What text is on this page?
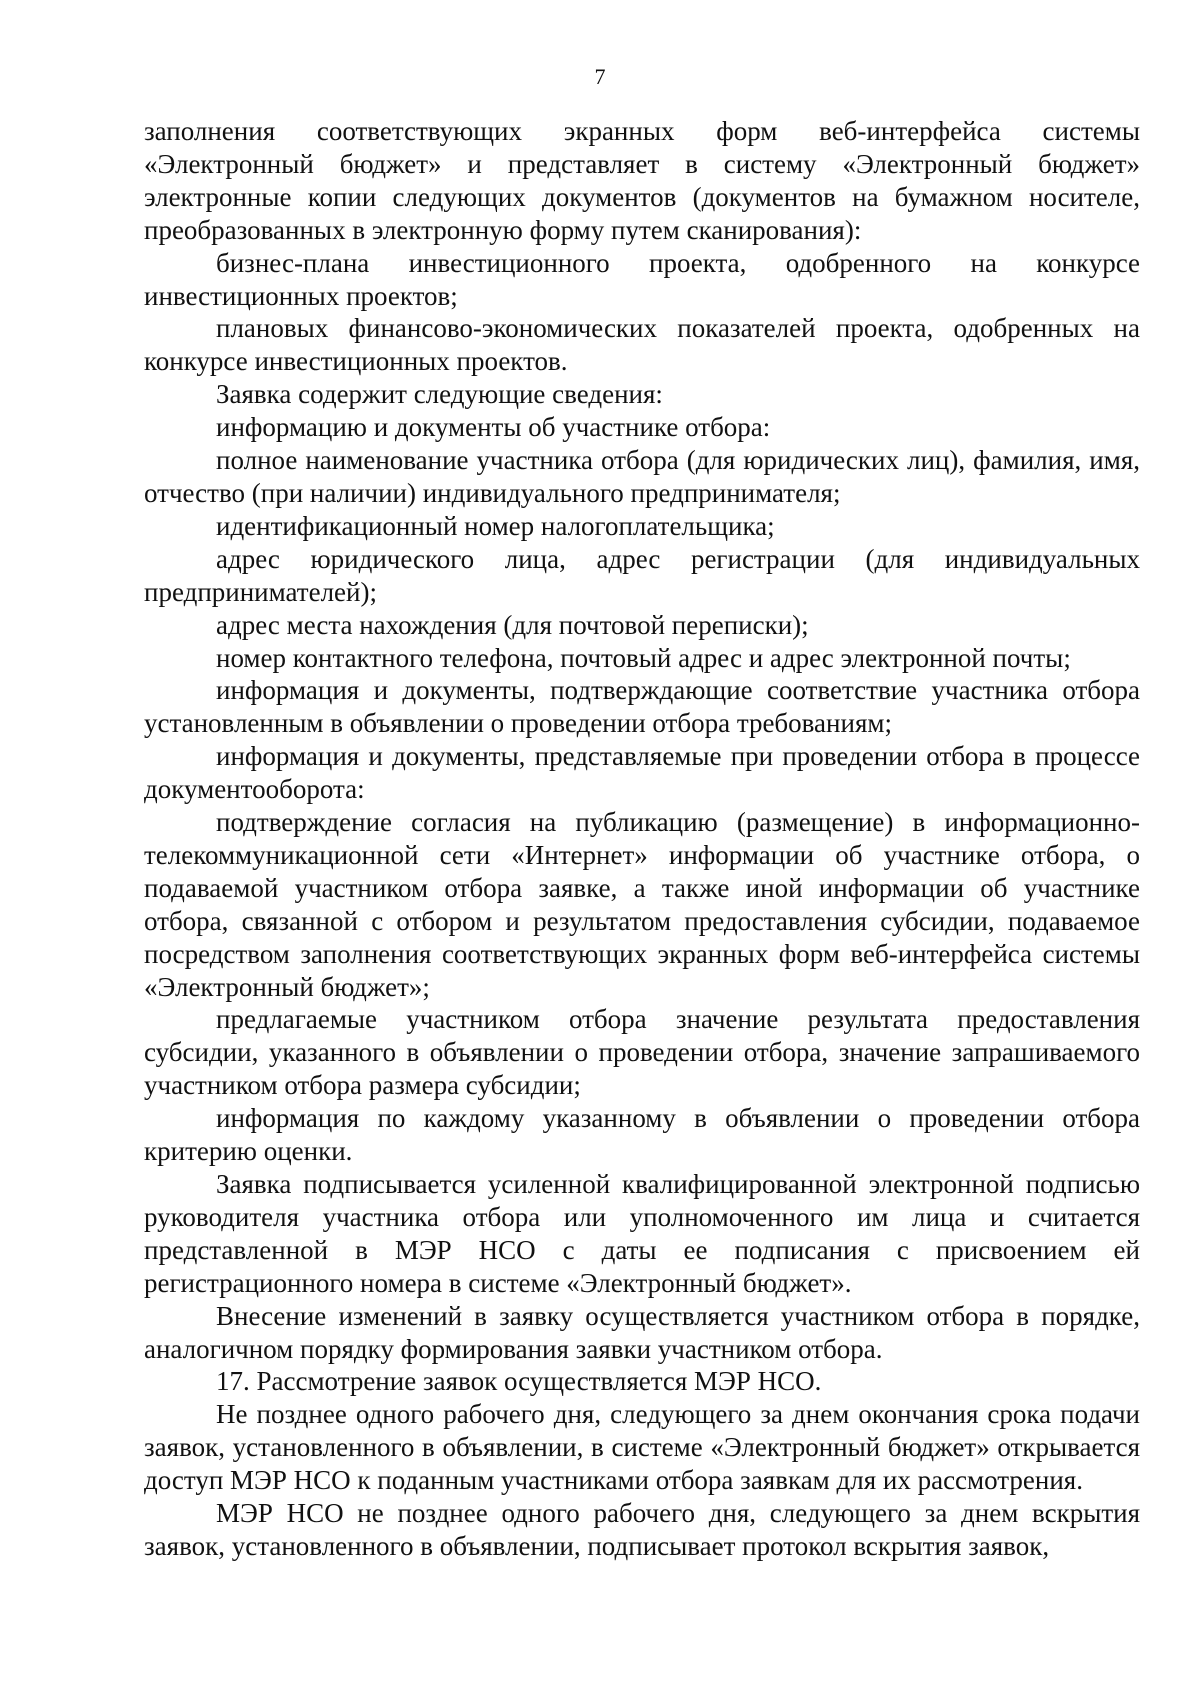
7

заполнения соответствующих экранных форм веб-интерфейса системы «Электронный бюджет» и представляет в систему «Электронный бюджет» электронные копии следующих документов (документов на бумажном носителе, преобразованных в электронную форму путем сканирования):

бизнес-плана инвестиционного проекта, одобренного на конкурсе инвестиционных проектов;

плановых финансово-экономических показателей проекта, одобренных на конкурсе инвестиционных проектов.

Заявка содержит следующие сведения:

информацию и документы об участнике отбора:

полное наименование участника отбора (для юридических лиц), фамилия, имя, отчество (при наличии) индивидуального предпринимателя;

идентификационный номер налогоплательщика;

адрес юридического лица, адрес регистрации (для индивидуальных предпринимателей);

адрес места нахождения (для почтовой переписки);

номер контактного телефона, почтовый адрес и адрес электронной почты;

информация и документы, подтверждающие соответствие участника отбора установленным в объявлении о проведении отбора требованиям;

информация и документы, представляемые при проведении отбора в процессе документооборота:

подтверждение согласия на публикацию (размещение) в информационно-телекоммуникационной сети «Интернет» информации об участнике отбора, о подаваемой участником отбора заявке, а также иной информации об участнике отбора, связанной с отбором и результатом предоставления субсидии, подаваемое посредством заполнения соответствующих экранных форм веб-интерфейса системы «Электронный бюджет»;

предлагаемые участником отбора значение результата предоставления субсидии, указанного в объявлении о проведении отбора, значение запрашиваемого участником отбора размера субсидии;

информация по каждому указанному в объявлении о проведении отбора критерию оценки.

Заявка подписывается усиленной квалифицированной электронной подписью руководителя участника отбора или уполномоченного им лица и считается представленной в МЭР НСО с даты ее подписания с присвоением ей регистрационного номера в системе «Электронный бюджет».

Внесение изменений в заявку осуществляется участником отбора в порядке, аналогичном порядку формирования заявки участником отбора.

17. Рассмотрение заявок осуществляется МЭР НСО.

Не позднее одного рабочего дня, следующего за днем окончания срока подачи заявок, установленного в объявлении, в системе «Электронный бюджет» открывается доступ МЭР НСО к поданным участниками отбора заявкам для их рассмотрения.

МЭР НСО не позднее одного рабочего дня, следующего за днем вскрытия заявок, установленного в объявлении, подписывает протокол вскрытия заявок,
